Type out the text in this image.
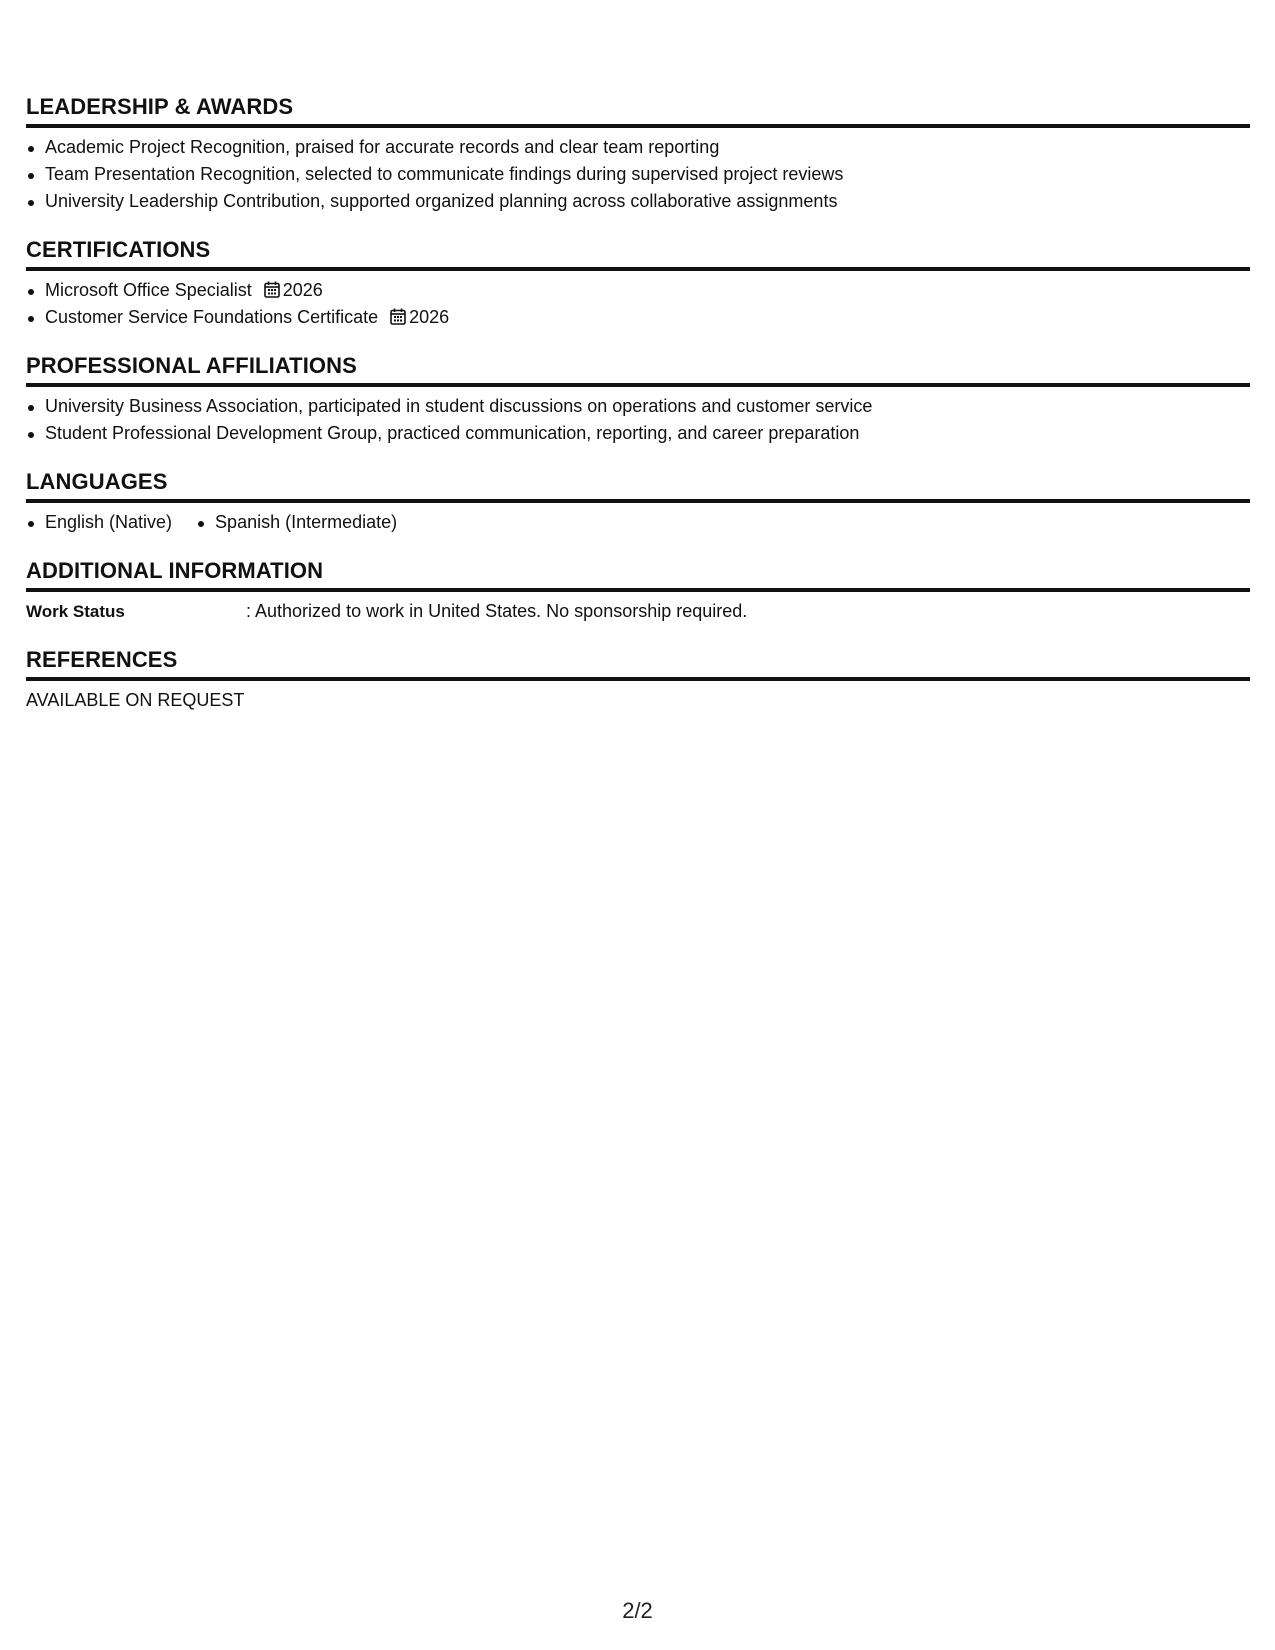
LEADERSHIP & AWARDS
Academic Project Recognition, praised for accurate records and clear team reporting
Team Presentation Recognition, selected to communicate findings during supervised project reviews
University Leadership Contribution, supported organized planning across collaborative assignments
CERTIFICATIONS
Microsoft Office Specialist 2026
Customer Service Foundations Certificate 2026
PROFESSIONAL AFFILIATIONS
University Business Association, participated in student discussions on operations and customer service
Student Professional Development Group, practiced communication, reporting, and career preparation
LANGUAGES
English (Native)	Spanish (Intermediate)
ADDITIONAL INFORMATION
Work Status	: Authorized to work in United States. No sponsorship required.
REFERENCES
AVAILABLE ON REQUEST
2/2
